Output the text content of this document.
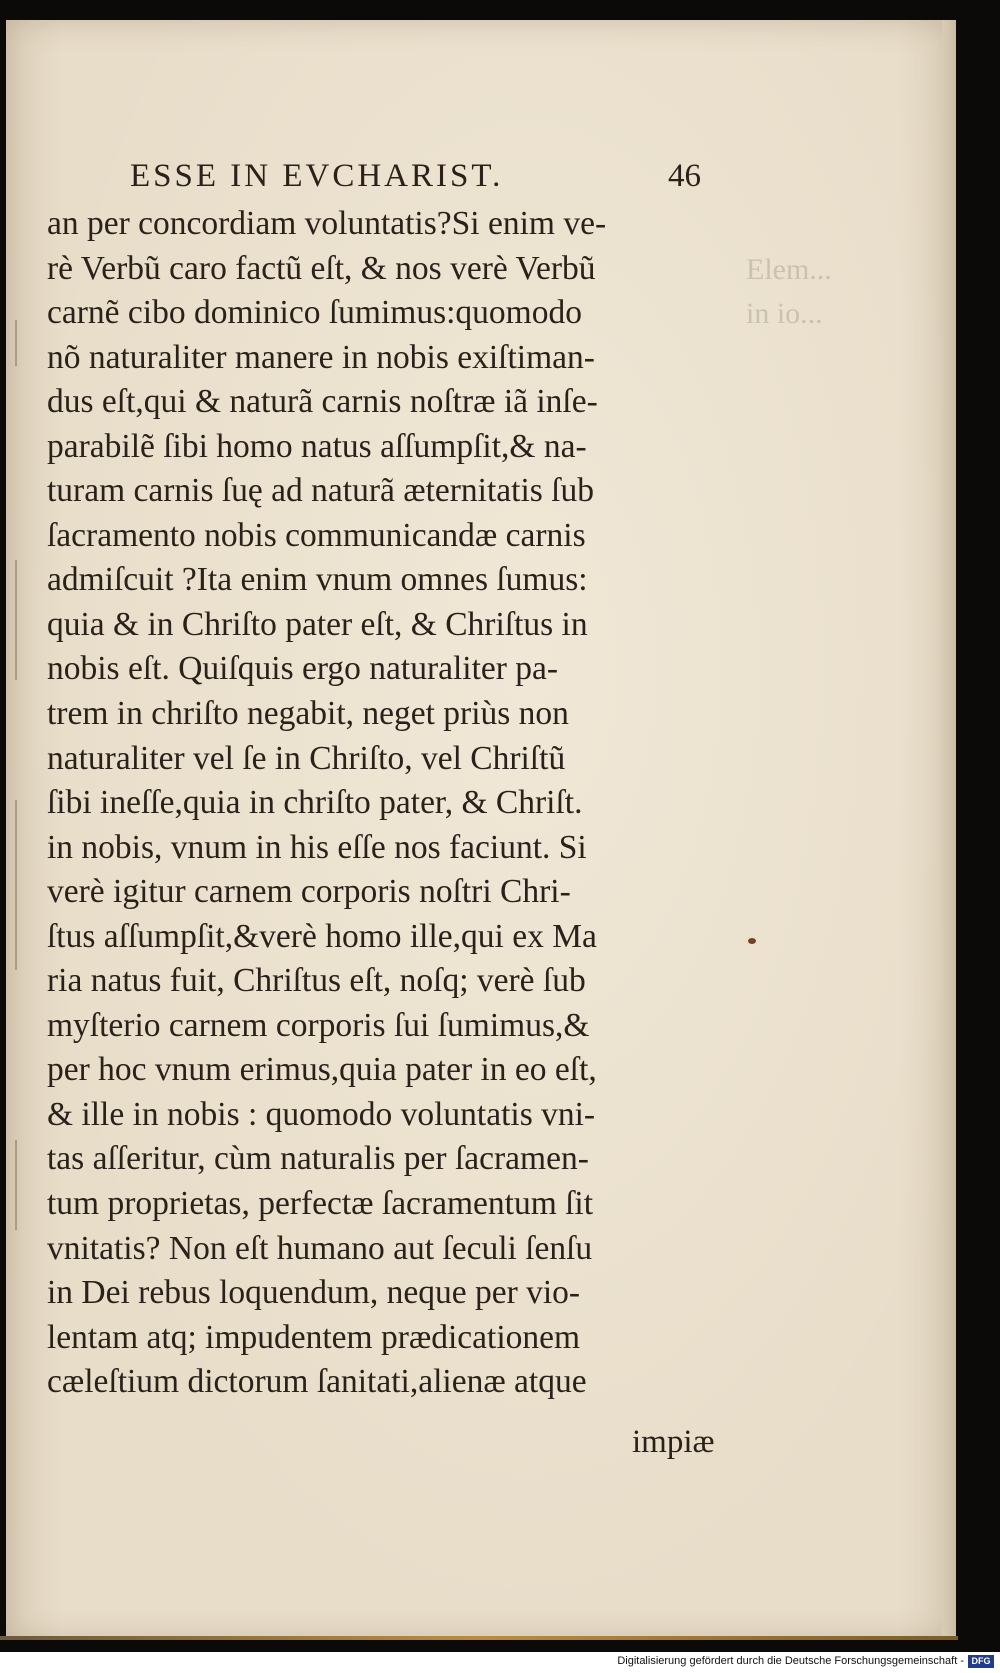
Elem...
in io...
ESSE IN EVCHARIST.	46
an per concordiam voluntatis?Si enim ve-
rè Verbũ caro factũ eſt, & nos verè Verbũ
carnẽ cibo dominico ſumimus:quomodo
nõ naturaliter manere in nobis exiſtiman-
dus eſt,qui & naturã carnis noſtræ iã inſe-
parabilẽ ſibi homo natus aſſumpſit,& na-
turam carnis ſuę ad naturã æternitatis ſub
ſacramento nobis communicandæ carnis
admiſcuit ?Ita enim vnum omnes ſumus:
quia & in Chriſto pater eſt, & Chriſtus in
nobis eſt. Quiſquis ergo naturaliter pa-
trem in chriſto negabit, neget priùs non
naturaliter vel ſe in Chriſto, vel Chriſtũ
ſibi ineſſe,quia in chriſto pater, & Chriſt.
in nobis, vnum in his eſſe nos faciunt. Si
verè igitur carnem corporis noſtri Chri-
ſtus aſſumpſit,&verè homo ille,qui ex Ma
ria natus fuit, Chriſtus eſt, noſq; verè ſub
myſterio carnem corporis ſui ſumimus,&
per hoc vnum erimus,quia pater in eo eſt,
& ille in nobis : quomodo voluntatis vni-
tas aſſeritur, cùm naturalis per ſacramen-
tum proprietas, perfectæ ſacramentum ſit
vnitatis? Non eſt humano aut ſeculi ſenſu
in Dei rebus loquendum, neque per vio-
lentam atq; impudentem prædicationem
cæleſtium dictorum ſanitati,alienæ atque
impiæ
Digitalisierung gefördert durch die Deutsche Forschungsgemeinschaft - DFG
